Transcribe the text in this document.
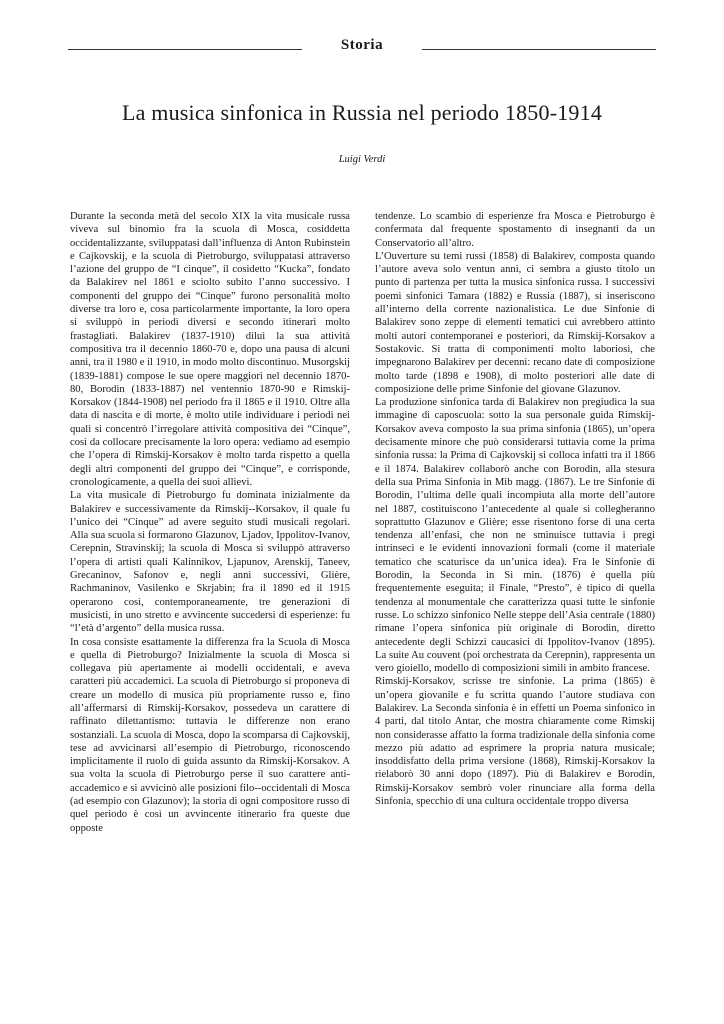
Storia
La musica sinfonica in Russia nel periodo 1850-1914
Luigi Verdi

Durante la seconda metà del secolo XIX la vita musicale russa viveva sul binomio fra la scuola di Mosca, cosiddetta occidentalizzante, sviluppatasi dall’influenza di Anton Rubinstein e Cajkovskij, e la scuola di Pietroburgo, sviluppatasi attraverso l’azione del gruppo de “I cinque”, il cosidetto “Kucka”, fondato da Balakirev nel 1861 e sciolto subito l’anno successivo. I componenti del gruppo dei “Cinque” furono personalità molto diverse tra loro e, cosa particolarmente importante, la loro opera si sviluppò in periodi diversi e secondo itinerari molto frastagliati. Balakirev (1837-1910) diluì la sua attività compositiva tra il decennio 1860-70 e, dopo una pausa di alcuni anni, tra il 1980 e il 1910, in modo molto discontinuo. Musorgskij (1839-1881) compose le sue opere maggiori nel decennio 1870-80, Borodin (1833-1887) nel ventennio 1870-90 e Rimskij-Korsakov (1844-1908) nel periodo fra il 1865 e il 1910. Oltre alla data di nascita e di morte, è molto utile individuare i periodi nei quali si concentrò l’irregolare attività compositiva dei “Cinque”, così da collocare precisamente la loro opera: vediamo ad esempio che l’opera di Rimskij-Korsakov è molto tarda rispetto a quella degli altri componenti del gruppo dei “Cinque”, e corrisponde, cronologicamente, a quella dei suoi allievi.

La vita musicale di Pietroburgo fu dominata inizialmente da Balakirev e successivamente da Rimskij--Korsakov, il quale fu l’unico dei “Cinque” ad avere seguito studi musicali regolari. Alla sua scuola si formarono Glazunov, Ljadov, Ippolitov-Ivanov, Cerepnin, Stravinskij; la scuola di Mosca si sviluppò attraverso l’opera di artisti quali Kalinnikov, Ljapunov, Arenskij, Taneev, Grecaninov, Safonov e, negli anni successivi, Glière, Rachmaninov, Vasilenko e Skrjabin; fra il 1890 ed il 1915 operarono così, contemporaneamente, tre generazioni di musicisti, in uno stretto e avvincente succedersi di esperienze: fu “l’età d’argento” della musica russa.

In cosa consiste esattamente la differenza fra la Scuola di Mosca e quella di Pietroburgo? Inizialmente la scuola di Mosca si collegava più apertamente ai modelli occidentali, e aveva caratteri più accademici. La scuola di Pietroburgo si proponeva di creare un modello di musica più propriamente russo e, fino all’affermarsi di Rimskij-Korsakov, possedeva un carattere di raffinato dilettantismo: tuttavia le differenze non erano sostanziali. La scuola di Mosca, dopo la scomparsa di Cajkovskij, tese ad avvicinarsi all’esempio di Pietroburgo, riconoscendo implicitamente il ruolo di guida assunto da Rimskij-Korsakov. A sua volta la scuola di Pietroburgo perse il suo carattere anti-accademico e si avvicinò alle posizioni filo--occidentali di Mosca (ad esempio con Glazunov); la storia di ogni compositore russo di quel periodo è così un avvincente itinerario fra queste due opposte

tendenze. Lo scambio di esperienze fra Mosca e Pietroburgo è confermata dal frequente spostamento di insegnanti da un Conservatorio all’altro.

L’Ouverture su temi russi (1858) di Balakirev, composta quando l’autore aveva solo ventun anni, ci sembra a giusto titolo un punto di partenza per tutta la musica sinfonica russa. I successivi poemi sinfonici Tamara (1882) e Russia (1887), si inseriscono all’interno della corrente nazionalistica. Le due Sinfonie di Balakirev sono zeppe di elementi tematici cui avrebbero attinto molti autori contemporanei e posteriori, da Rimskij-Korsakov a Sostakovic. Si tratta di componimenti molto laboriosi, che impegnarono Balakirev per decenni: recano date di composizione molto tarde (1898 e 1908), di molto posteriori alle date di composizione delle prime Sinfonie del giovane Glazunov.

La produzione sinfonica tarda di Balakirev non pregiudica la sua immagine di caposcuola: sotto la sua personale guida Rimskij-Korsakov aveva composto la sua prima sinfonia (1865), un’opera decisamente minore che può considerarsi tuttavia come la prima sinfonia russa: la Prima di Cajkovskij si colloca infatti tra il 1866 e il 1874. Balakirev collaborò anche con Borodin, alla stesura della sua Prima Sinfonia in Mib magg. (1867). Le tre Sinfonie di Borodin, l’ultima delle quali incompiuta alla morte dell’autore nel 1887, costituiscono l’antecedente al quale si collegheranno soprattutto Glazunov e Glière; esse risentono forse di una certa tendenza all’enfasi, che non ne sminuisce tuttavia i pregi intrinseci e le evidenti innovazioni formali (come il materiale tematico che scaturisce da un’unica idea). Fra le Sinfonie di Borodin, la Seconda in Si min. (1876) è quella più frequentemente eseguita; il Finale, “Presto”, è tipico di quella tendenza al monumentale che caratterizza quasi tutte le sinfonie russe. Lo schizzo sinfonico Nelle steppe dell’Asia centrale (1880) rimane l’opera sinfonica più originale di Borodin, diretto antecedente degli Schizzi caucasici di Ippolitov-Ivanov (1895). La suite Au couvent (poi orchestrata da Cerepnin), rappresenta un vero gioiello, modello di composizioni simili in ambito francese.

Rimskij-Korsakov, scrisse tre sinfonie. La prima (1865) è un’opera giovanile e fu scritta quando l’autore studiava con Balakirev. La Seconda sinfonia è in effetti un Poema sinfonico in 4 parti, dal titolo Antar, che mostra chiaramente come Rimskij non considerasse affatto la forma tradizionale della sinfonia come mezzo più adatto ad esprimere la propria natura musicale; insoddisfatto della prima versione (1868), Rimskij-Korsakov la rielaborò 30 anni dopo (1897). Più di Balakirev e Borodin, Rimskij-Korsakov sembrò voler rinunciare alla forma della Sinfonia, specchio di una cultura occidentale troppo diversa
